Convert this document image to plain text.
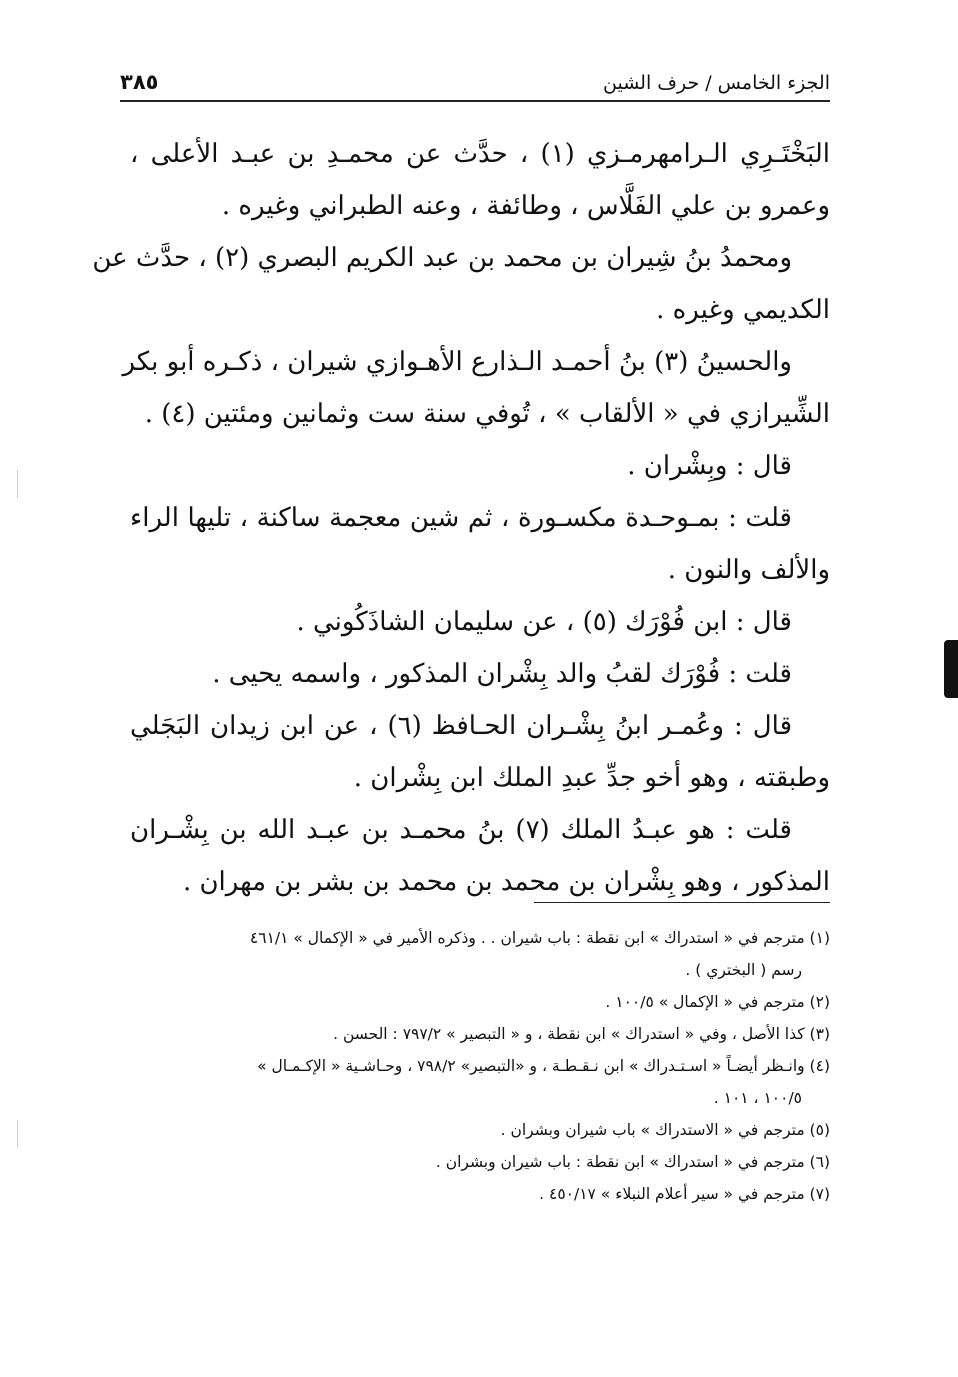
الجزء الخامس / حرف الشين
٣٨٥
البَخْتَـرِي الـرامهرمـزي (١) ، حدَّث عن محمـدِ بن عبـد الأعلى ،
وعمرو بن علي الفَلَّاس ، وطائفة ، وعنه الطبراني وغيره .
ومحمدُ بنُ شِيران بن محمد بن عبد الكريم البصري (٢) ، حدَّث عن
الكديمي وغيره .
والحسينُ (٣) بنُ أحمـد الـذارع الأهـوازي شيران ، ذكـره أبو بكر
الشِّيرازي في « الألقاب » ، تُوفي سنة ست وثمانين ومئتين (٤) .
قال : وبِشْران .
قلت : بمـوحـدة مكسـورة ، ثم شين معجمة ساكنة ، تليها الراء
والألف والنون .
قال : ابن فُوْرَك (٥) ، عن سليمان الشاذَكُوني .
قلت : فُوْرَك لقبُ والد بِشْران المذكور ، واسمه يحيى .
قال : وعُمـر ابنُ بِشْـران الحـافظ (٦) ، عن ابن زيدان البَجَلي
وطبقته ، وهو أخو جدِّ عبدِ الملك ابن بِشْران .
قلت : هو عبـدُ الملك (٧) بنُ محمـد بن عبـد الله بن بِشْـران
المذكور ، وهو بِشْران بن محمد بن محمد بن بشر بن مهران .
(١) مترجم في « استدراك » ابن نقطة : باب شيران . . وذكره الأمير في « الإكمال » ٤٦١/١
رسم ( البختري ) .
(٢) مترجم في « الإكمال » ١٠٠/٥ .
(٣) كذا الأصل ، وفي « استدراك » ابن نقطة ، و « التبصير » ٧٩٧/٢ : الحسن .
(٤) وانـظر أيضـاً « اسـتـدراك » ابن نـقـطـة ، و «التبصير» ٧٩٨/٢ ، وحـاشـية « الإكـمـال »
١٠٠/٥ ، ١٠١ .
(٥) مترجم في « الاستدراك » باب شيران وبشران .
(٦) مترجم في « استدراك » ابن نقطة : باب شيران وبشران .
(٧) مترجم في « سير أعلام النبلاء » ٤٥٠/١٧ .
